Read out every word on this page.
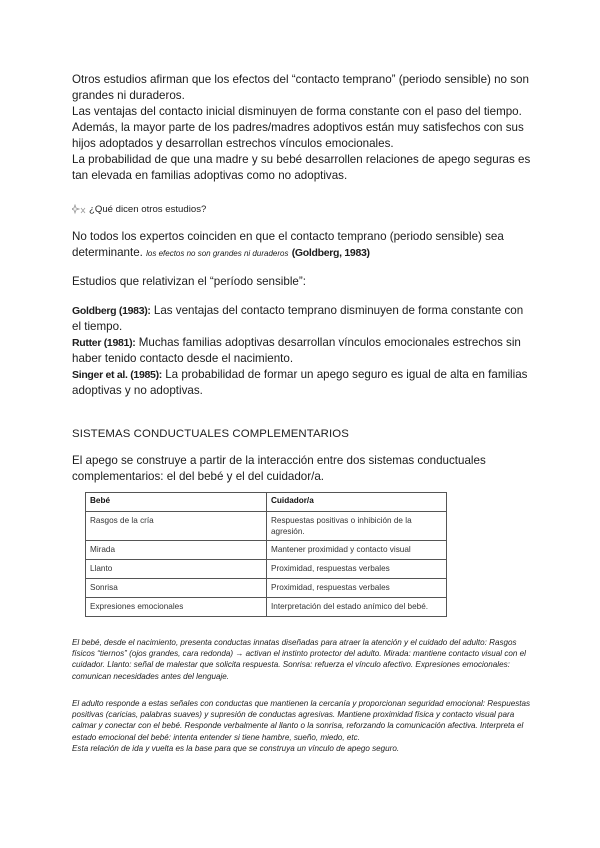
Otros estudios afirman que los efectos del “contacto temprano” (periodo sensible) no son grandes ni duraderos.

Las ventajas del contacto inicial disminuyen de forma constante con el paso del tiempo.

Además, la mayor parte de los padres/madres adoptivos están muy satisfechos con sus hijos adoptados y desarrollan estrechos vínculos emocionales.

La probabilidad de que una madre y su bebé desarrollen relaciones de apego seguras es tan elevada en familias adoptivas como no adoptivas.

¿Qué dicen otros estudios?

No todos los expertos coinciden en que el contacto temprano (periodo sensible) sea determinante. los efectos no son grandes ni duraderos (Goldberg, 1983)

Estudios que relativizan el “período sensible”:

Goldberg (1983): Las ventajas del contacto temprano disminuyen de forma constante con el tiempo.

Rutter (1981): Muchas familias adoptivas desarrollan vínculos emocionales estrechos sin haber tenido contacto desde el nacimiento.

Singer et al. (1985): La probabilidad de formar un apego seguro es igual de alta en familias adoptivas y no adoptivas.

SISTEMAS CONDUCTUALES COMPLEMENTARIOS

El apego se construye a partir de la interacción entre dos sistemas conductuales complementarios: el del bebé y el del cuidador/a.

Bebé	Cuidador/a
Rasgos de la cría	Respuestas positivas o inhibición de la agresión.
Mirada	Mantener proximidad y contacto visual
Llanto	Proximidad, respuestas verbales
Sonrisa	Proximidad, respuestas verbales
Expresiones emocionales	Interpretación del estado anímico del bebé.

El bebé, desde el nacimiento, presenta conductas innatas diseñadas para atraer la atención y el cuidado del adulto: Rasgos físicos “tiernos” (ojos grandes, cara redonda) → activan el instinto protector del adulto. Mirada: mantiene contacto visual con el cuidador. Llanto: señal de malestar que solicita respuesta. Sonrisa: refuerza el vínculo afectivo. Expresiones emocionales: comunican necesidades antes del lenguaje.

El adulto responde a estas señales con conductas que mantienen la cercanía y proporcionan seguridad emocional: Respuestas positivas (caricias, palabras suaves) y supresión de conductas agresivas. Mantiene proximidad física y contacto visual para calmar y conectar con el bebé. Responde verbalmente al llanto o la sonrisa, reforzando la comunicación afectiva. Interpreta el estado emocional del bebé: intenta entender si tiene hambre, sueño, miedo, etc.

Esta relación de ida y vuelta es la base para que se construya un vínculo de apego seguro.
